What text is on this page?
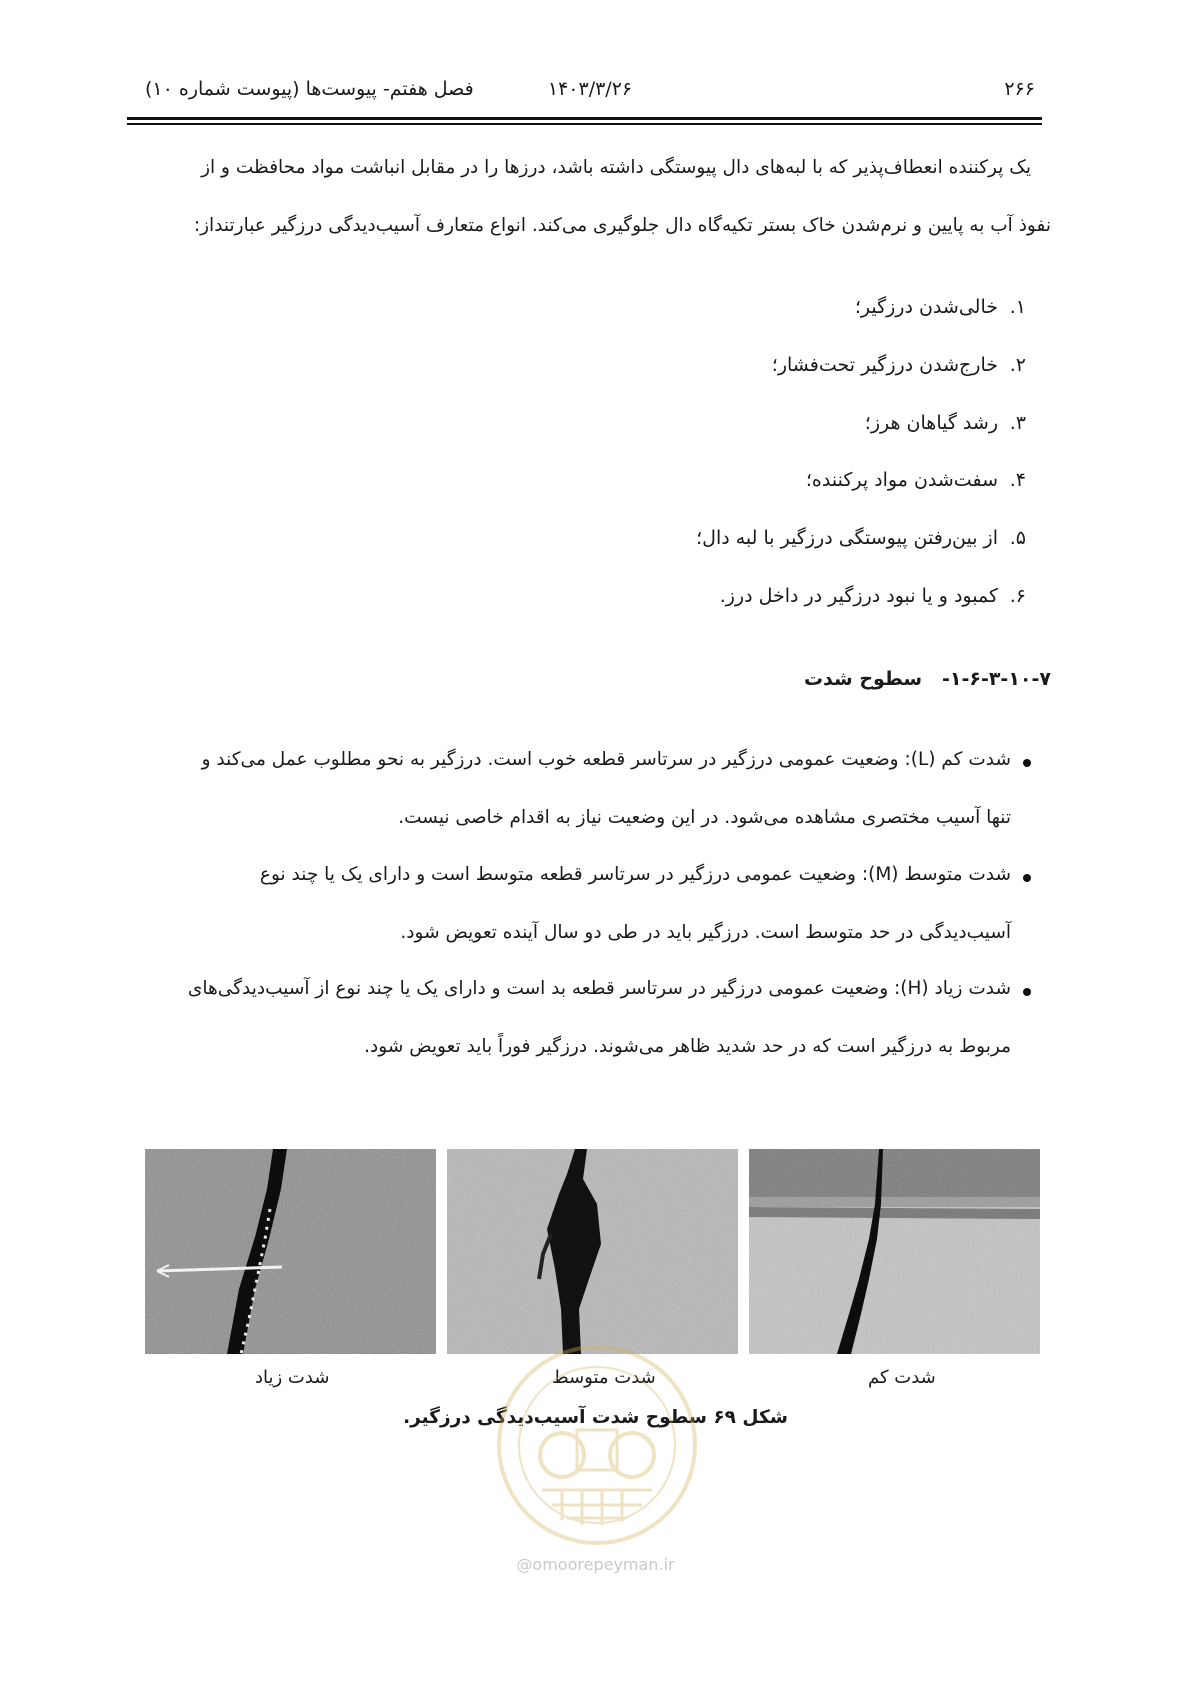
۲۶۶
۱۴۰۳/۳/۲۶
فصل هفتم- پیوست‌ها (پیوست شماره ۱۰)
یک پرکننده انعطاف‌پذیر که با لبه‌های دال پیوستگی داشته باشد، درزها را در مقابل انباشت مواد محافظت و از
نفوذ آب به پایین و نرم‌شدن خاک بستر تکیه‌گاه دال جلوگیری می‌کند. انواع متعارف آسیب‌دیدگی درزگیر عبارتنداز:
۱.خالی‌شدن درزگیر؛
۲.خارج‌شدن درزگیر تحت‌فشار؛
۳.رشد گیاهان هرز؛
۴.سفت‌شدن مواد پرکننده؛
۵.از بین‌رفتن پیوستگی درزگیر با لبه دال؛
۶.کمبود و یا نبود درزگیر در داخل درز.
۱-۶-۳-۱۰-۷-   سطوح شدت
شدت کم (L): وضعیت عمومی درزگیر در سرتاسر قطعه خوب است. درزگیر به نحو مطلوب عمل می‌کند و
تنها آسیب مختصری مشاهده می‌شود. در این وضعیت نیاز به اقدام خاصی نیست.
شدت متوسط (M): وضعیت عمومی درزگیر در سرتاسر قطعه متوسط است و دارای یک یا چند نوع
آسیب‌دیدگی در حد متوسط است. درزگیر باید در طی دو سال آینده تعویض شود.
شدت زیاد (H): وضعیت عمومی درزگیر در سرتاسر قطعه بد است و دارای یک یا چند نوع از آسیب‌دیدگی‌های
مربوط به درزگیر است که در حد شدید ظاهر می‌شوند. درزگیر فوراً باید تعویض شود.
شدت زیاد	شدت متوسط	شدت کم
شکل ۶۹ سطوح شدت آسیب‌دیدگی درزگیر.
@omoorepeyman.ir
